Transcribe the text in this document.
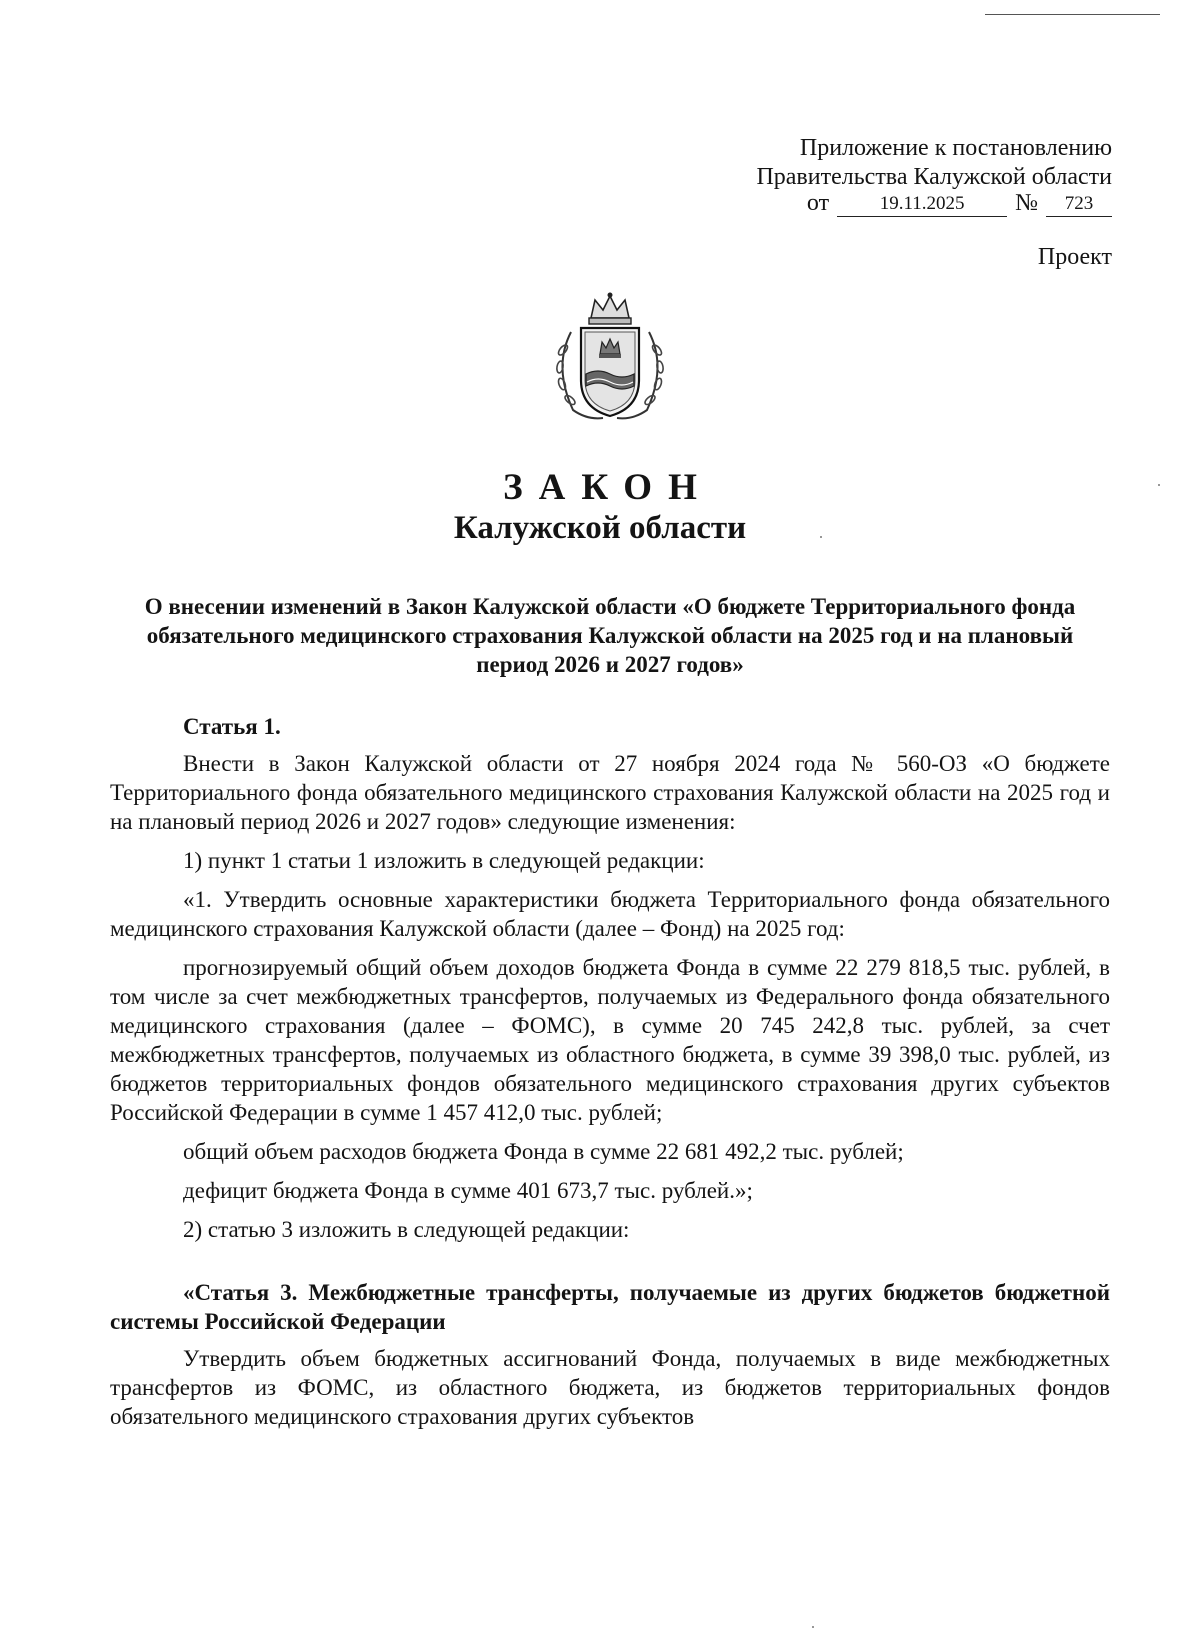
Приложение к постановлению
Правительства Калужской области
от	19.11.2025	№	723
Проект
ЗАКОН
Калужской области
О внесении изменений в Закон Калужской области «О бюджете Территориального фонда обязательного медицинского страхования Калужской области на 2025 год и на плановый период 2026 и 2027 годов»

Статья 1.

Внести в Закон Калужской области от 27 ноября 2024 года № 560-ОЗ «О бюджете Территориального фонда обязательного медицинского страхования Калужской области на 2025 год и на плановый период 2026 и 2027 годов» следующие изменения:

1) пункт 1 статьи 1 изложить в следующей редакции:

«1. Утвердить основные характеристики бюджета Территориального фонда обязательного медицинского страхования Калужской области (далее – Фонд) на 2025 год:

прогнозируемый общий объем доходов бюджета Фонда в сумме 22 279 818,5 тыс. рублей, в том числе за счет межбюджетных трансфертов, получаемых из Федерального фонда обязательного медицинского страхования (далее – ФОМС), в сумме 20 745 242,8 тыс. рублей, за счет межбюджетных трансфертов, получаемых из областного бюджета, в сумме 39 398,0 тыс. рублей, из бюджетов территориальных фондов обязательного медицинского страхования других субъектов Российской Федерации в сумме 1 457 412,0 тыс. рублей;

общий объем расходов бюджета Фонда в сумме 22 681 492,2 тыс. рублей;

дефицит бюджета Фонда в сумме 401 673,7 тыс. рублей.»;

2) статью 3 изложить в следующей редакции:

«Статья 3. Межбюджетные трансферты, получаемые из других бюджетов бюджетной системы Российской Федерации

Утвердить объем бюджетных ассигнований Фонда, получаемых в виде межбюджетных трансфертов из ФОМС, из областного бюджета, из бюджетов территориальных фондов обязательного медицинского страхования других субъектов
